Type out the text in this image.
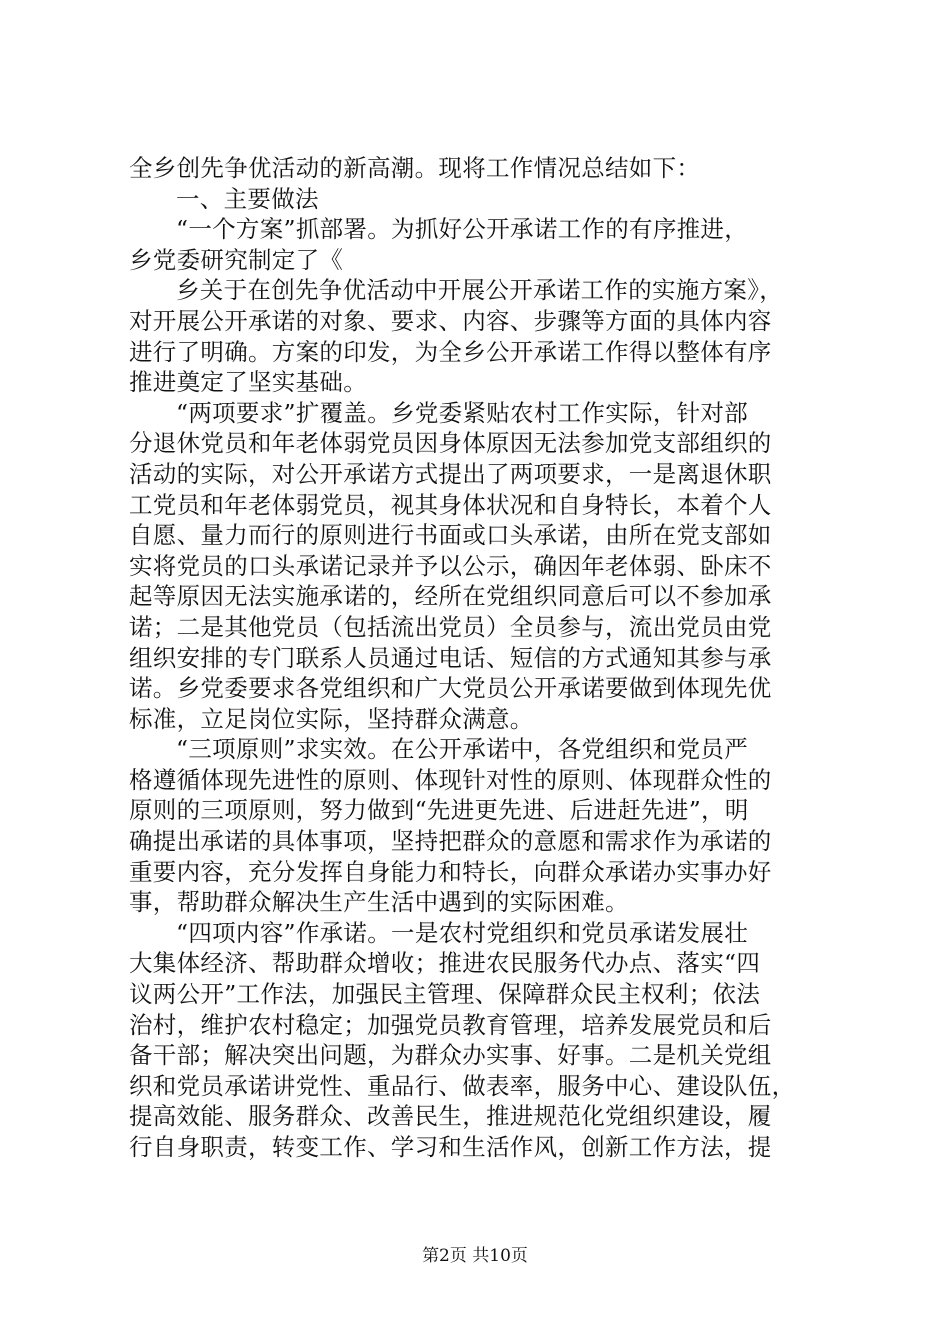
全乡创先争优活动的新高潮。现将工作情况总结如下：
一、主要做法
“一个方案”抓部署。为抓好公开承诺工作的有序推进，
乡党委研究制定了《
乡关于在创先争优活动中开展公开承诺工作的实施方案》，
对开展公开承诺的对象、要求、内容、步骤等方面的具体内容
进行了明确。方案的印发，为全乡公开承诺工作得以整体有序
推进奠定了坚实基础。
“两项要求”扩覆盖。乡党委紧贴农村工作实际，针对部
分退休党员和年老体弱党员因身体原因无法参加党支部组织的
活动的实际，对公开承诺方式提出了两项要求，一是离退休职
工党员和年老体弱党员，视其身体状况和自身特长，本着个人
自愿、量力而行的原则进行书面或口头承诺，由所在党支部如
实将党员的口头承诺记录并予以公示，确因年老体弱、卧床不
起等原因无法实施承诺的，经所在党组织同意后可以不参加承
诺；二是其他党员（包括流出党员）全员参与，流出党员由党
组织安排的专门联系人员通过电话、短信的方式通知其参与承
诺。乡党委要求各党组织和广大党员公开承诺要做到体现先优
标准，立足岗位实际，坚持群众满意。
“三项原则”求实效。在公开承诺中，各党组织和党员严
格遵循体现先进性的原则、体现针对性的原则、体现群众性的
原则的三项原则，努力做到“先进更先进、后进赶先进”，明
确提出承诺的具体事项，坚持把群众的意愿和需求作为承诺的
重要内容，充分发挥自身能力和特长，向群众承诺办实事办好
事，帮助群众解决生产生活中遇到的实际困难。
“四项内容”作承诺。一是农村党组织和党员承诺发展壮
大集体经济、帮助群众增收；推进农民服务代办点、落实“四
议两公开”工作法，加强民主管理、保障群众民主权利；依法
治村，维护农村稳定；加强党员教育管理，培养发展党员和后
备干部；解决突出问题，为群众办实事、好事。二是机关党组
织和党员承诺讲党性、重品行、做表率，服务中心、建设队伍，
提高效能、服务群众、改善民生，推进规范化党组织建设，履
行自身职责，转变工作、学习和生活作风，创新工作方法，提
第2页 共10页
